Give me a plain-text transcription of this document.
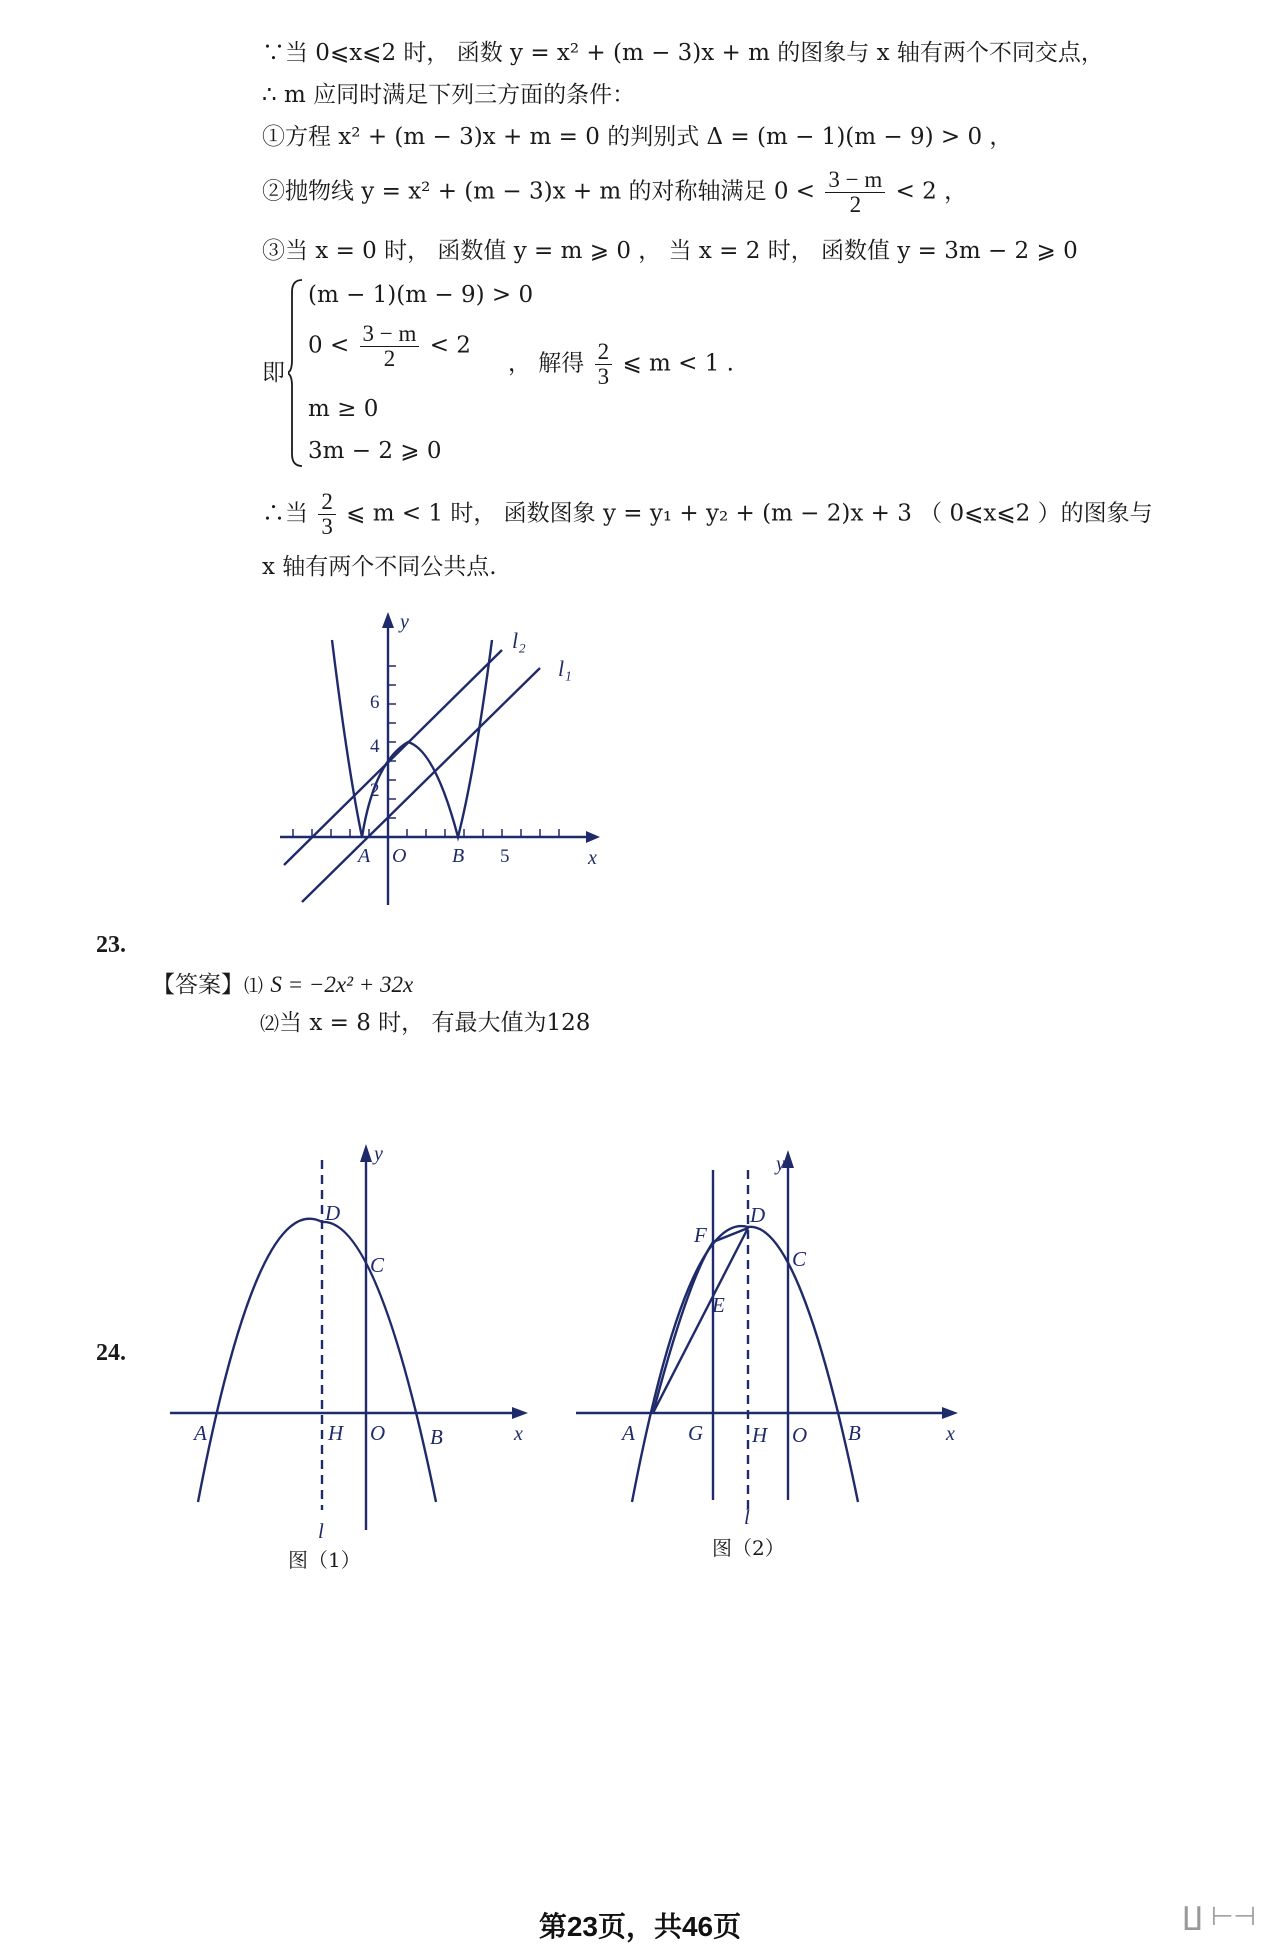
∵当 0⩽x⩽2 时， 函数 y = x² + (m − 3)x + m 的图象与 x 轴有两个不同交点，
∴ m 应同时满足下列三方面的条件：
①方程 x² + (m − 3)x + m = 0 的判别式 Δ = (m − 1)(m − 9) > 0 ，
②抛物线 y = x² + (m − 3)x + m 的对称轴满足 $0 < \frac{3 - m}{2} < 2$ ，
③当 x = 0 时， 函数值 y = m ⩾ 0 ， 当 x = 2 时， 函数值 y = 3m − 2 ⩾ 0
即
(m − 1)(m − 9) > 0
$0 < \frac{3 - m}{2} < 2$
m ≥ 0
3m − 2 ⩾ 0
， 解得 $\frac{2}{3}$ ⩽ m < 1 .
∴当 $\frac{2}{3}$ ⩽ m < 1 时， 函数图象 y = y₁ + y₂ + (m − 2)x + 3 （ 0⩽x⩽2 ）的图象与
x 轴有两个不同公共点.
y
x
l₁
l₂
6
4
2
5
A O B
23.
【答案】⑴ S = −2x² + 32x
⑵当 x = 8 时， 有最大值为128
24.
y
x
D
C
A	H O B
l
图（1）
y
x
D
C
F
E
A	G H O B
l
图（2）
第23页，共46页	∐ ⊢⊣
